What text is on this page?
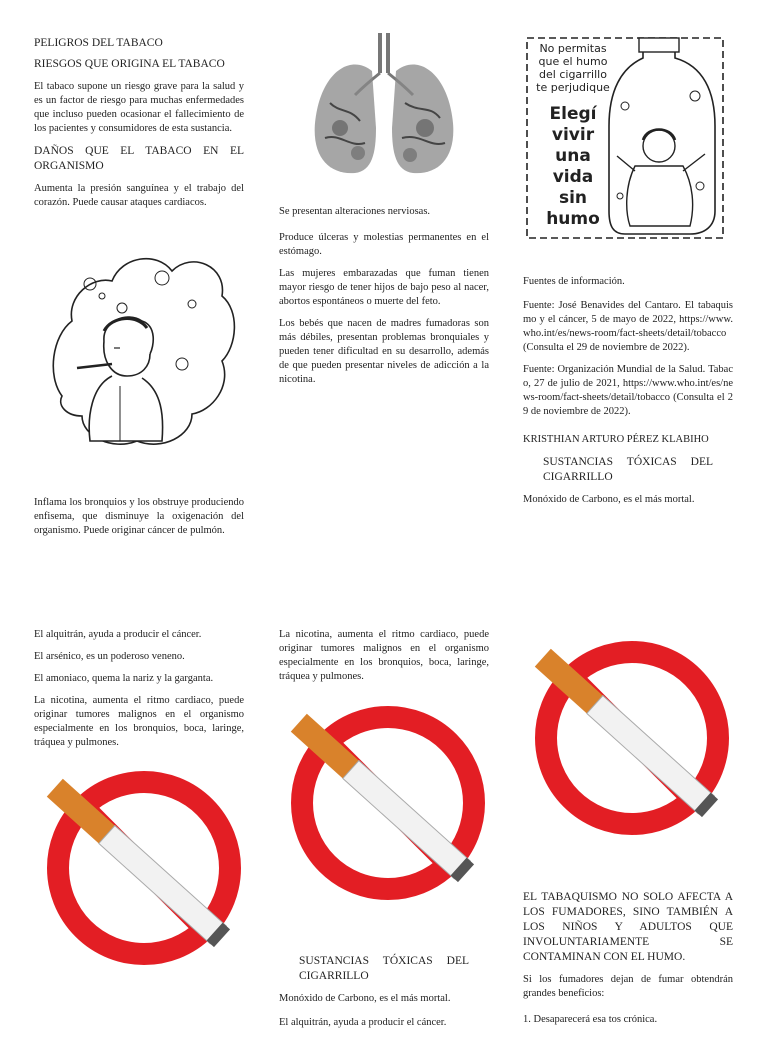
PELIGROS DEL TABACO

RIESGOS QUE ORIGINA EL TABACO

El tabaco supone un riesgo grave para la salud y es un factor de riesgo para muchas enfermedades que incluso pueden ocasionar el fallecimiento de los pacientes y consumidores de esta sustancia.

DAÑOS QUE EL TABACO EN EL ORGANISMO

Aumenta la presión sanguínea y el trabajo del corazón. Puede causar ataques cardiacos.

Inflama los bronquios y los obstruye produciendo enfisema, que disminuye la oxigenación del organismo. Puede originar cáncer de pulmón.

Se presentan alteraciones nerviosas.

Produce úlceras y molestias permanentes en el estómago.

Las mujeres embarazadas que fuman tienen mayor riesgo de tener hijos de bajo peso al nacer, abortos espontáneos o muerte del feto.

Los bebés que nacen de madres fumadoras son más débiles, presentan problemas bronquiales y pueden tener dificultad en su desarrollo, además de que pueden presentar niveles de adicción a la nicotina.

No permitas
que el humo
del cigarrillo
te perjudique
Elegí
vivir
una
vida
sin
humo

Fuentes de información.

Fuente: José Benavides del Cantaro. El tabaquismo y el cáncer, 5 de mayo de 2022, https://www.who.int/es/news-room/fact-sheets/detail/tobacco (Consulta el 29 de noviembre de 2022).

Fuente: Organización Mundial de la Salud. Tabaco, 27 de julio de 2021, https://www.who.int/es/news-room/fact-sheets/detail/tobacco (Consulta el 29 de noviembre de 2022).

KRISTHIAN ARTURO PÉREZ KLABIHO

SUSTANCIAS TÓXICAS DEL CIGARRILLO

Monóxido de Carbono, es el más mortal.

El alquitrán, ayuda a producir el cáncer.

El arsénico, es un poderoso veneno.

El amoniaco, quema la nariz y la garganta.

La nicotina, aumenta el ritmo cardiaco, puede originar tumores malignos en el organismo especialmente en los bronquios, boca, laringe, tráquea y pulmones.

La nicotina, aumenta el ritmo cardiaco, puede originar tumores malignos en el organismo especialmente en los bronquios, boca, laringe, tráquea y pulmones.

SUSTANCIAS TÓXICAS DEL CIGARRILLO

Monóxido de Carbono, es el más mortal.

El alquitrán, ayuda a producir el cáncer.

EL TABAQUISMO NO SOLO AFECTA A LOS FUMADORES, SINO TAMBIÉN A LOS NIÑOS Y ADULTOS QUE INVOLUNTARIAMENTE SE CONTAMINAN CON EL HUMO.

Si los fumadores dejan de fumar obtendrán grandes beneficios:

1. Desaparecerá esa tos crónica.
